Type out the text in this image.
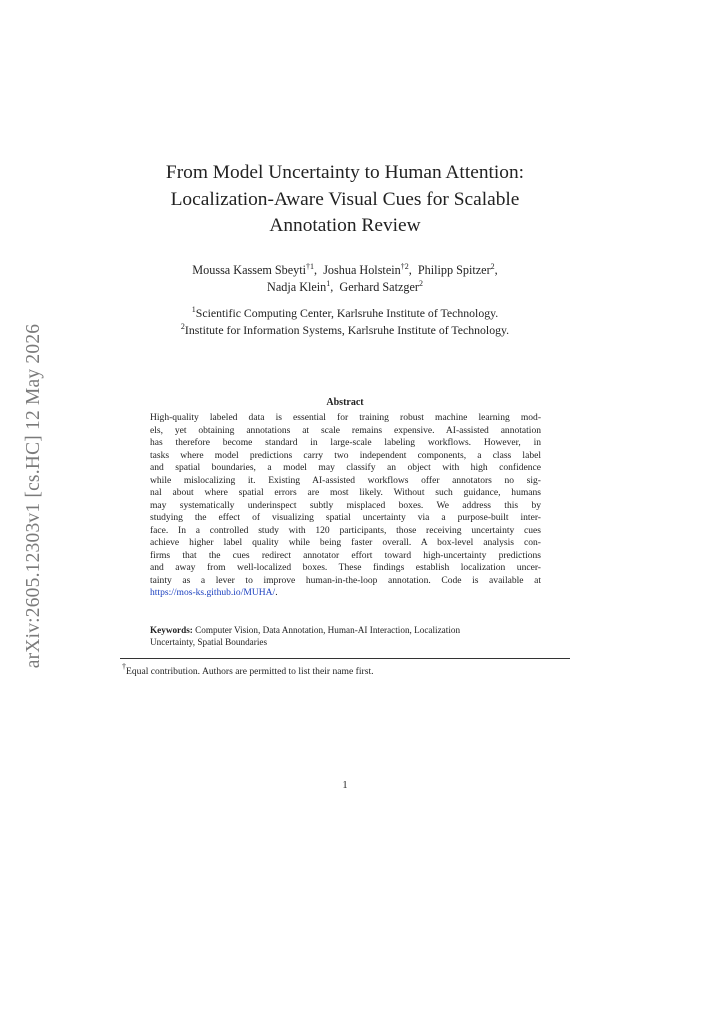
arXiv:2605.12303v1 [cs.HC] 12 May 2026
From Model Uncertainty to Human Attention:
Localization-Aware Visual Cues for Scalable
Annotation Review
Moussa Kassem Sbeyti$^{\dagger 1}$,  Joshua Holstein$^{\dagger 2}$,  Philipp Spitzer$^2$,
Nadja Klein$^1$,  Gerhard Satzger$^2$
$^1$Scientific Computing Center, Karlsruhe Institute of Technology.
$^2$Institute for Information Systems, Karlsruhe Institute of Technology.
Abstract
High-quality labeled data is essential for training robust machine learning mod-
els, yet obtaining annotations at scale remains expensive. AI-assisted annotation
has therefore become standard in large-scale labeling workflows. However, in
tasks where model predictions carry two independent components, a class label
and spatial boundaries, a model may classify an object with high confidence
while mislocalizing it. Existing AI-assisted workflows offer annotators no sig-
nal about where spatial errors are most likely. Without such guidance, humans
may systematically underinspect subtly misplaced boxes. We address this by
studying the effect of visualizing spatial uncertainty via a purpose-built inter-
face. In a controlled study with 120 participants, those receiving uncertainty cues
achieve higher label quality while being faster overall. A box-level analysis con-
firms that the cues redirect annotator effort toward high-uncertainty predictions
and away from well-localized boxes. These findings establish localization uncer-
tainty as a lever to improve human-in-the-loop annotation. Code is available at
https://mos-ks.github.io/MUHA/.
Keywords: Computer Vision, Data Annotation, Human-AI Interaction, Localization
Uncertainty, Spatial Boundaries
†Equal contribution. Authors are permitted to list their name first.
1
